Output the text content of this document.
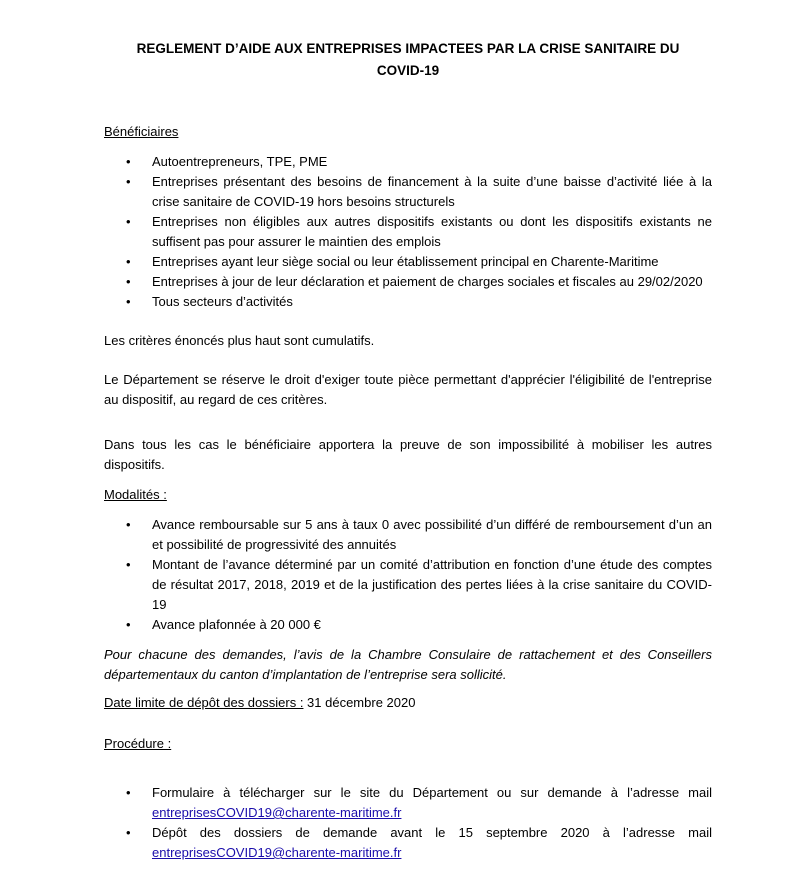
REGLEMENT D’AIDE AUX ENTREPRISES IMPACTEES PAR LA CRISE SANITAIRE DU
COVID-19
Bénéficiaires
• Autoentrepreneurs, TPE, PME
• Entreprises présentant des besoins de financement à la suite d’une baisse d’activité liée à la crise sanitaire de COVID-19 hors besoins structurels
• Entreprises non éligibles aux autres dispositifs existants ou dont les dispositifs existants ne suffisent pas pour assurer le maintien des emplois
• Entreprises ayant leur siège social ou leur établissement principal en Charente-Maritime
• Entreprises à jour de leur déclaration et paiement de charges sociales et fiscales au 29/02/2020
• Tous secteurs d’activités
Les critères énoncés plus haut sont cumulatifs.
Le Département se réserve le droit d'exiger toute pièce permettant d'apprécier l'éligibilité de l'entreprise au dispositif, au regard de ces critères.
Dans tous les cas le bénéficiaire apportera la preuve de son impossibilité à mobiliser les autres dispositifs.
Modalités :
• Avance remboursable sur 5 ans à taux 0 avec possibilité d’un différé de remboursement d’un an et possibilité de progressivité des annuités
• Montant de l’avance déterminé par un comité d’attribution en fonction d’une étude des comptes de résultat 2017, 2018, 2019 et de la justification des pertes liées à la crise sanitaire du COVID-19
• Avance plafonnée à 20 000 €
Pour chacune des demandes, l’avis de la Chambre Consulaire de rattachement et des Conseillers départementaux du canton d’implantation de l’entreprise sera sollicité.
Date limite de dépôt des dossiers : 31 décembre 2020
Procédure :
• Formulaire à télécharger sur le site du Département ou sur demande à l’adresse mail entreprisesCOVID19@charente-maritime.fr
• Dépôt des dossiers de demande avant le 15 septembre 2020 à l’adresse mail entreprisesCOVID19@charente-maritime.fr
